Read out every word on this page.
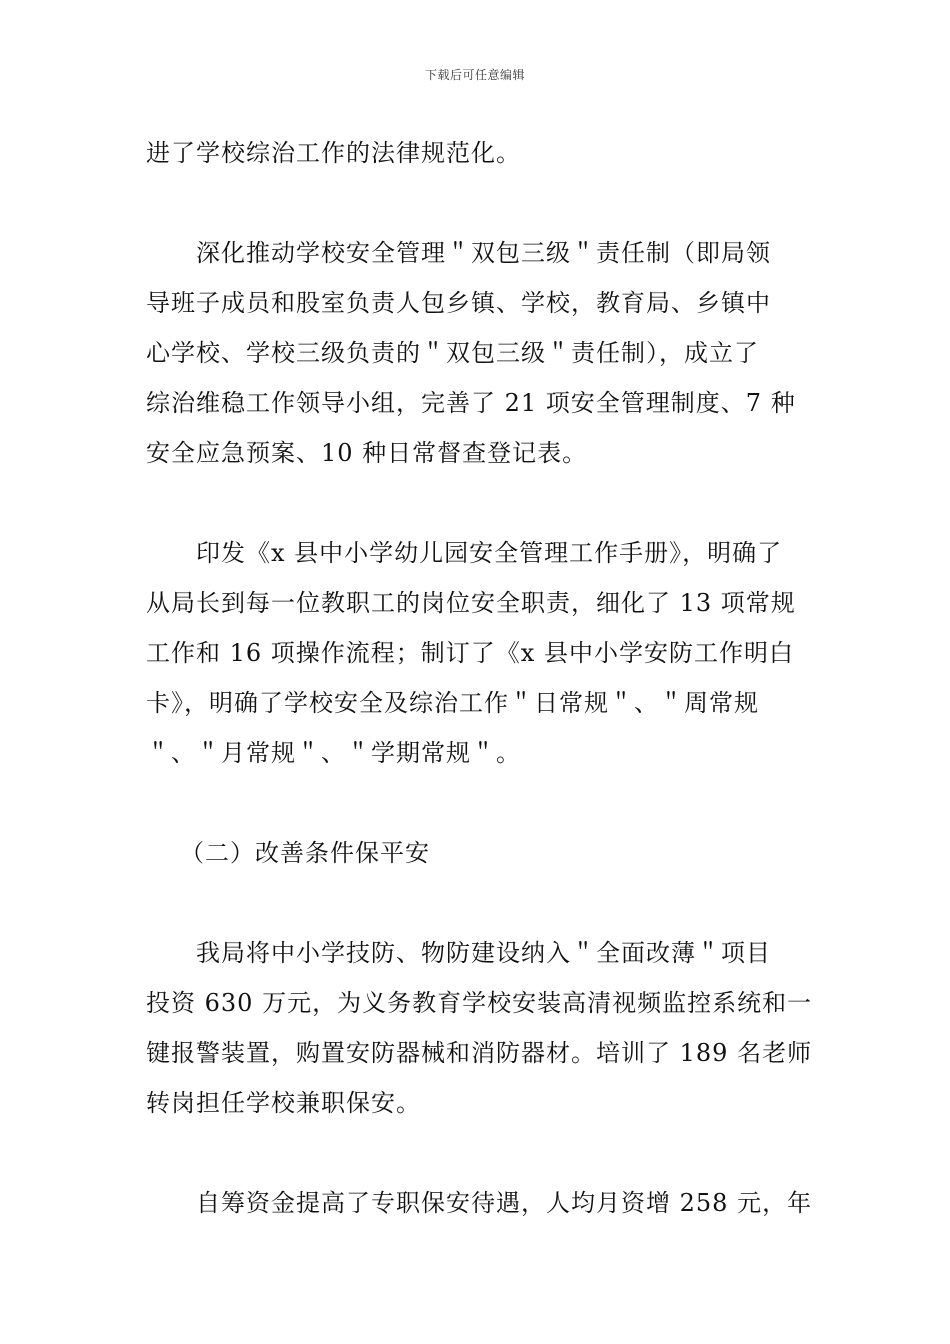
下载后可任意编辑
进了学校综治工作的法律规范化。
深化推动学校安全管理＂双包三级＂责任制（即局领
导班子成员和股室负责人包乡镇、学校，教育局、乡镇中
心学校、学校三级负责的＂双包三级＂责任制），成立了
综治维稳工作领导小组，完善了 21 项安全管理制度、7 种
安全应急预案、10 种日常督查登记表。
印发《x 县中小学幼儿园安全管理工作手册》，明确了
从局长到每一位教职工的岗位安全职责，细化了 13 项常规
工作和 16 项操作流程；制订了《x 县中小学安防工作明白
卡》，明确了学校安全及综治工作＂日常规＂、＂周常规
＂、＂月常规＂、＂学期常规＂。
（二）改善条件保平安
我局将中小学技防、物防建设纳入＂全面改薄＂项目
投资 630 万元，为义务教育学校安装高清视频监控系统和一
键报警装置，购置安防器械和消防器材。培训了 189 名老师
转岗担任学校兼职保安。
自筹资金提高了专职保安待遇，人均月资增 258 元，年
